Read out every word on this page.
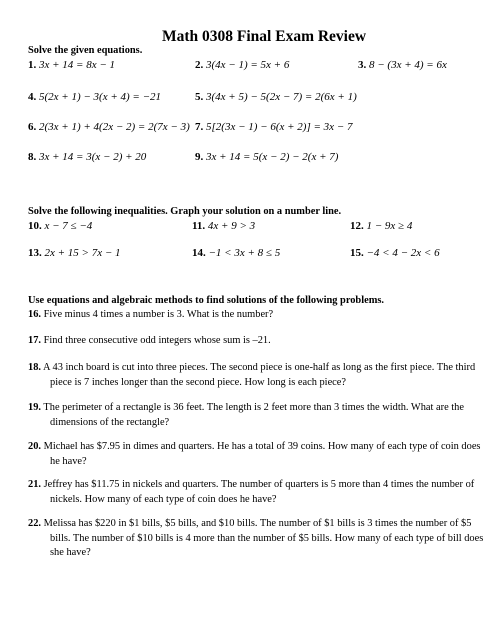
Math 0308 Final Exam Review
Solve the given equations.
1. 3x + 14 = 8x − 1	2. 3(4x − 1) = 5x + 6	3. 8 − (3x + 4) = 6x
4. 5(2x + 1) − 3(x + 4) = −21	5. 3(4x + 5) − 5(2x − 7) = 2(6x + 1)
6. 2(3x + 1) + 4(2x − 2) = 2(7x − 3) 7. 5[2(3x − 1) − 6(x + 2)] = 3x − 7
8. 3x + 14 = 3(x − 2) + 20	9. 3x + 14 = 5(x − 2) − 2(x + 7)
Solve the following inequalities. Graph your solution on a number line.
10. x − 7 ≤ −4	11. 4x + 9 > 3	12. 1 − 9x ≥ 4
13. 2x + 15 > 7x − 1	14. −1 < 3x + 8 ≤ 5	15. −4 < 4 − 2x < 6
Use equations and algebraic methods to find solutions of the following problems.
16. Five minus 4 times a number is 3. What is the number?
17. Find three consecutive odd integers whose sum is –21.
18. A 43 inch board is cut into three pieces. The second piece is one-half as long as the first piece. The third piece is 7 inches longer than the second piece. How long is each piece?
19. The perimeter of a rectangle is 36 feet. The length is 2 feet more than 3 times the width. What are the dimensions of the rectangle?
20. Michael has $7.95 in dimes and quarters. He has a total of 39 coins. How many of each type of coin does he have?
21. Jeffrey has $11.75 in nickels and quarters. The number of quarters is 5 more than 4 times the number of nickels. How many of each type of coin does he have?
22. Melissa has $220 in $1 bills, $5 bills, and $10 bills. The number of $1 bills is 3 times the number of $5 bills. The number of $10 bills is 4 more than the number of $5 bills. How many of each type of bill does she have?
